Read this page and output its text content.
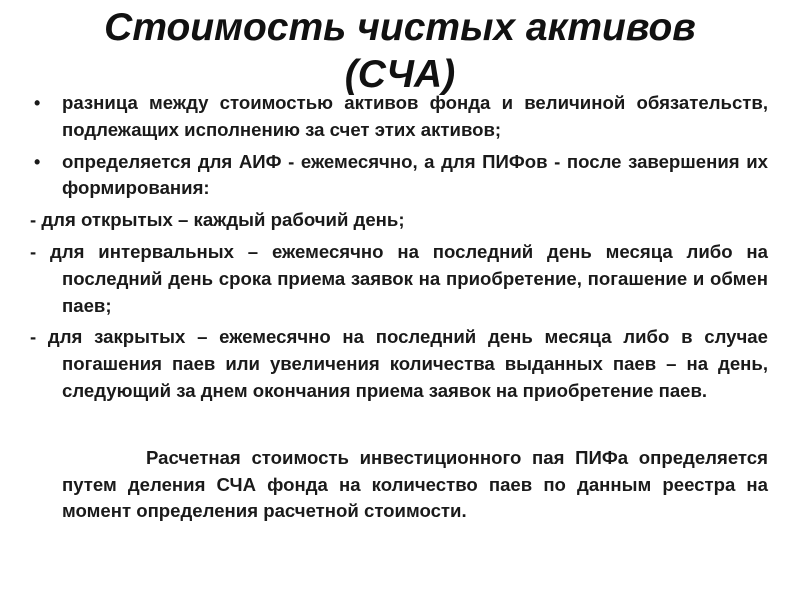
Стоимость чистых активов (СЧА)
• разница между стоимостью активов фонда и величиной обязательств, подлежащих исполнению за счет этих активов;
• определяется для АИФ - ежемесячно, а для ПИФов - после завершения их формирования:

- для открытых – каждый рабочий день;

- для интервальных – ежемесячно на последний день месяца либо на последний день срока приема заявок на приобретение, погашение и обмен паев;

- для закрытых – ежемесячно на последний день месяца либо в случае погашения паев или увеличения количества выданных паев – на день, следующий за днем окончания приема заявок на приобретение паев.

Расчетная стоимость инвестиционного пая ПИФа определяется путем деления СЧА фонда на количество паев по данным реестра на момент определения расчетной стоимости.
